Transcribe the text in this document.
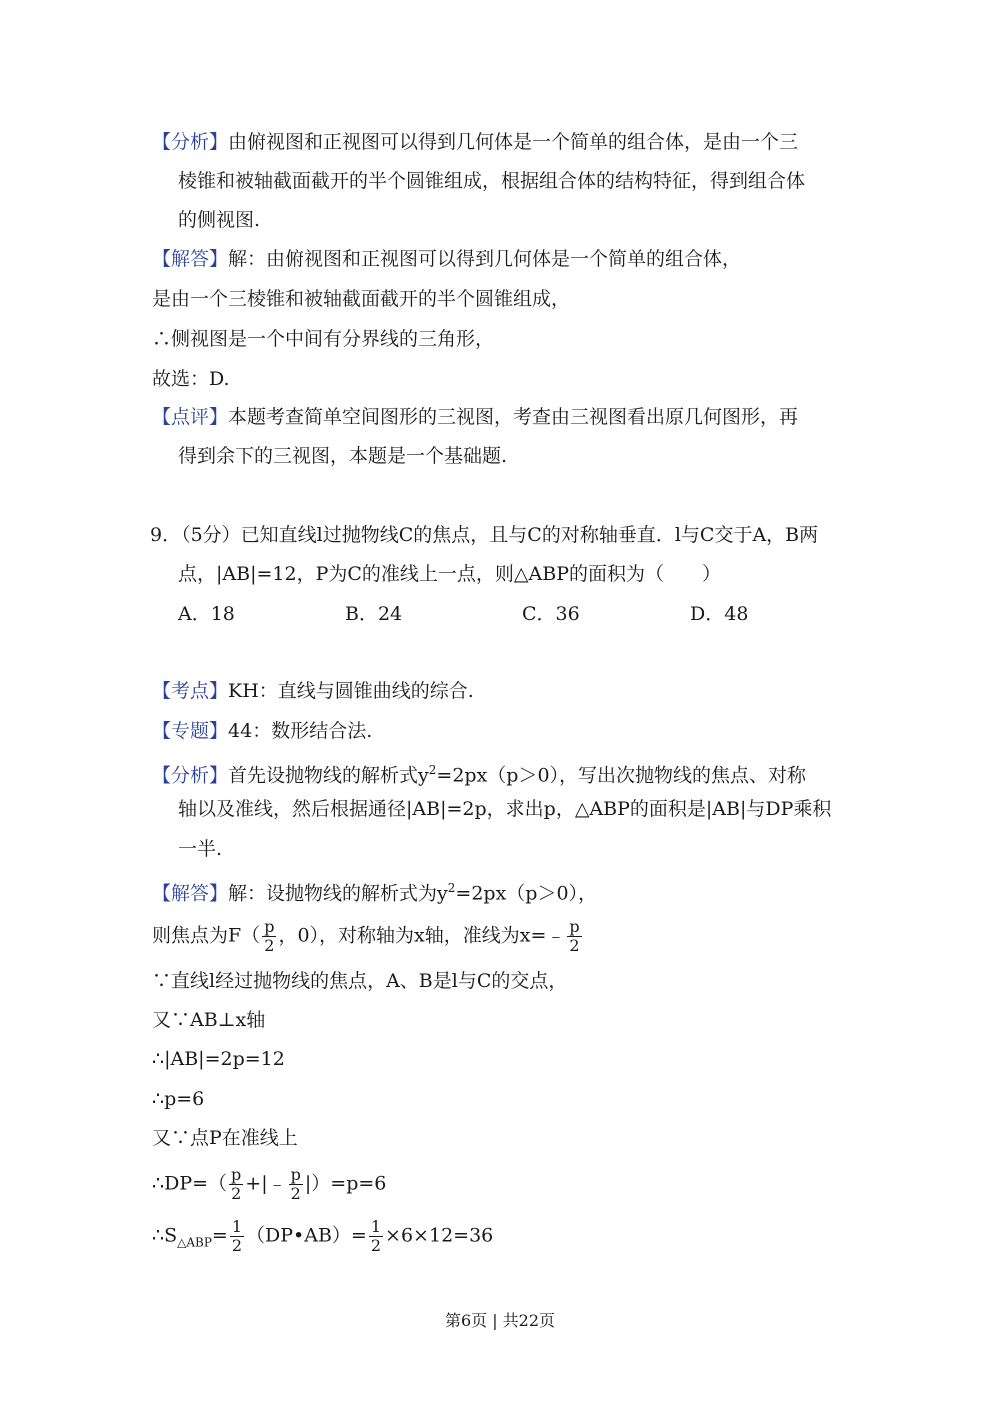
【分析】由俯视图和正视图可以得到几何体是一个简单的组合体，是由一个三
棱锥和被轴截面截开的半个圆锥组成，根据组合体的结构特征，得到组合体
的侧视图.
【解答】解：由俯视图和正视图可以得到几何体是一个简单的组合体，
是由一个三棱锥和被轴截面截开的半个圆锥组成，
∴侧视图是一个中间有分界线的三角形，
故选：D.
【点评】本题考查简单空间图形的三视图，考查由三视图看出原几何图形，再
得到余下的三视图，本题是一个基础题.
9．（5分）已知直线l过抛物线C的焦点，且与C的对称轴垂直．l与C交于A，B两
点，|AB|=12，P为C的准线上一点，则△ABP的面积为（　　）
A．18	B．24	C．36	D．48
【考点】KH：直线与圆锥曲线的综合.
【专题】44：数形结合法.
【分析】首先设抛物线的解析式$y^2=2px(p>0)$，写出次抛物线的焦点、对称
轴以及准线，然后根据通径|AB|=2p，求出p，△ABP的面积是|AB|与DP乘积
一半.
【解答】解：设抛物线的解析式为$y^2=2px(p>0)$，
则焦点为$F( \frac{p}{2}$ ，0），对称轴为x轴，准线为x=﹣ $\frac{p}{2}$
∵直线l经过抛物线的焦点，A、B是l与C的交点，
又∵AB⊥x轴
∴|AB|=2p=12
∴p=6
又∵点P在准线上
∴DP=（ $\frac{p}{2}$ +|﹣ $\frac{p}{2} |)=p=6$
$\therefore S_{\triangle ABP}= \frac{1}{2}$ （DP•AB）= $\frac{1}{2} \times 6\times 12=36$
第6页 | 共22页
